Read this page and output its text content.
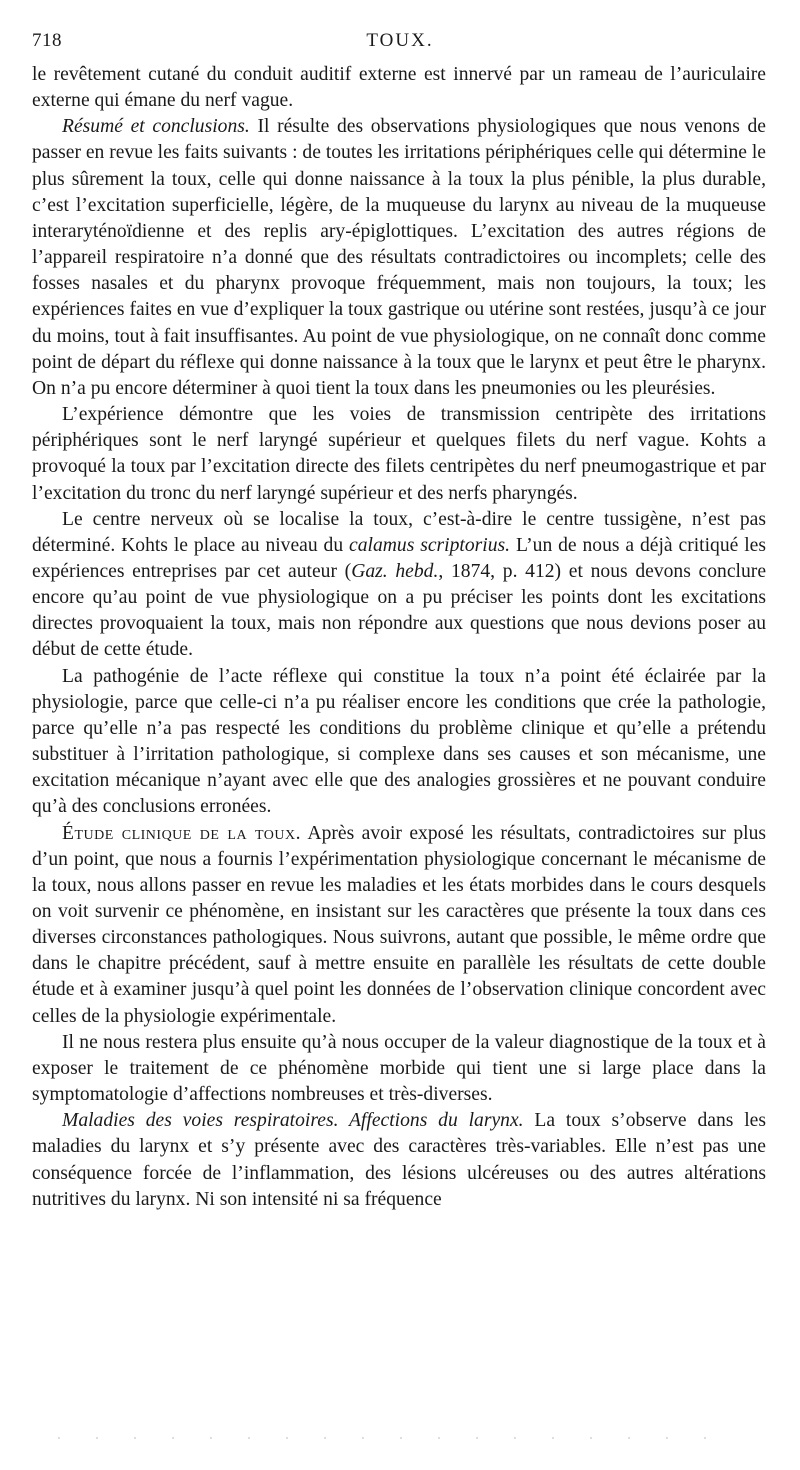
718	TOUX.

le revêtement cutané du conduit auditif externe est innervé par un rameau de l’auriculaire externe qui émane du nerf vague.

Résumé et conclusions. Il résulte des observations physiologiques que nous venons de passer en revue les faits suivants : de toutes les irritations périphériques celle qui détermine le plus sûrement la toux, celle qui donne naissance à la toux la plus pénible, la plus durable, c’est l’excitation superficielle, légère, de la muqueuse du larynx au niveau de la muqueuse interaryténoïdienne et des replis ary-épiglottiques. L’excitation des autres régions de l’appareil respiratoire n’a donné que des résultats contradictoires ou incomplets; celle des fosses nasales et du pharynx provoque fréquemment, mais non toujours, la toux; les expériences faites en vue d’expliquer la toux gastrique ou utérine sont restées, jusqu’à ce jour du moins, tout à fait insuffisantes. Au point de vue physiologique, on ne connaît donc comme point de départ du réflexe qui donne naissance à la toux que le larynx et peut être le pharynx. On n’a pu encore déterminer à quoi tient la toux dans les pneumonies ou les pleurésies.

L’expérience démontre que les voies de transmission centripète des irritations périphériques sont le nerf laryngé supérieur et quelques filets du nerf vague. Kohts a provoqué la toux par l’excitation directe des filets centripètes du nerf pneumogastrique et par l’excitation du tronc du nerf laryngé supérieur et des nerfs pharyngés.

Le centre nerveux où se localise la toux, c’est-à-dire le centre tussigène, n’est pas déterminé. Kohts le place au niveau du calamus scriptorius. L’un de nous a déjà critiqué les expériences entreprises par cet auteur (Gaz. hebd., 1874, p. 412) et nous devons conclure encore qu’au point de vue physiologique on a pu préciser les points dont les excitations directes provoquaient la toux, mais non répondre aux questions que nous devions poser au début de cette étude.

La pathogénie de l’acte réflexe qui constitue la toux n’a point été éclairée par la physiologie, parce que celle-ci n’a pu réaliser encore les conditions que crée la pathologie, parce qu’elle n’a pas respecté les conditions du problème clinique et qu’elle a prétendu substituer à l’irritation pathologique, si complexe dans ses causes et son mécanisme, une excitation mécanique n’ayant avec elle que des analogies grossières et ne pouvant conduire qu’à des conclusions erronées.

Étude clinique de la toux. Après avoir exposé les résultats, contradictoires sur plus d’un point, que nous a fournis l’expérimentation physiologique concernant le mécanisme de la toux, nous allons passer en revue les maladies et les états morbides dans le cours desquels on voit survenir ce phénomène, en insistant sur les caractères que présente la toux dans ces diverses circonstances pathologiques. Nous suivrons, autant que possible, le même ordre que dans le chapitre précédent, sauf à mettre ensuite en parallèle les résultats de cette double étude et à examiner jusqu’à quel point les données de l’observation clinique concordent avec celles de la physiologie expérimentale.

Il ne nous restera plus ensuite qu’à nous occuper de la valeur diagnostique de la toux et à exposer le traitement de ce phénomène morbide qui tient une si large place dans la symptomatologie d’affections nombreuses et très-diverses.

Maladies des voies respiratoires. Affections du larynx. La toux s’observe dans les maladies du larynx et s’y présente avec des caractères très-variables. Elle n’est pas une conséquence forcée de l’inflammation, des lésions ulcéreuses ou des autres altérations nutritives du larynx. Ni son intensité ni sa fréquence
